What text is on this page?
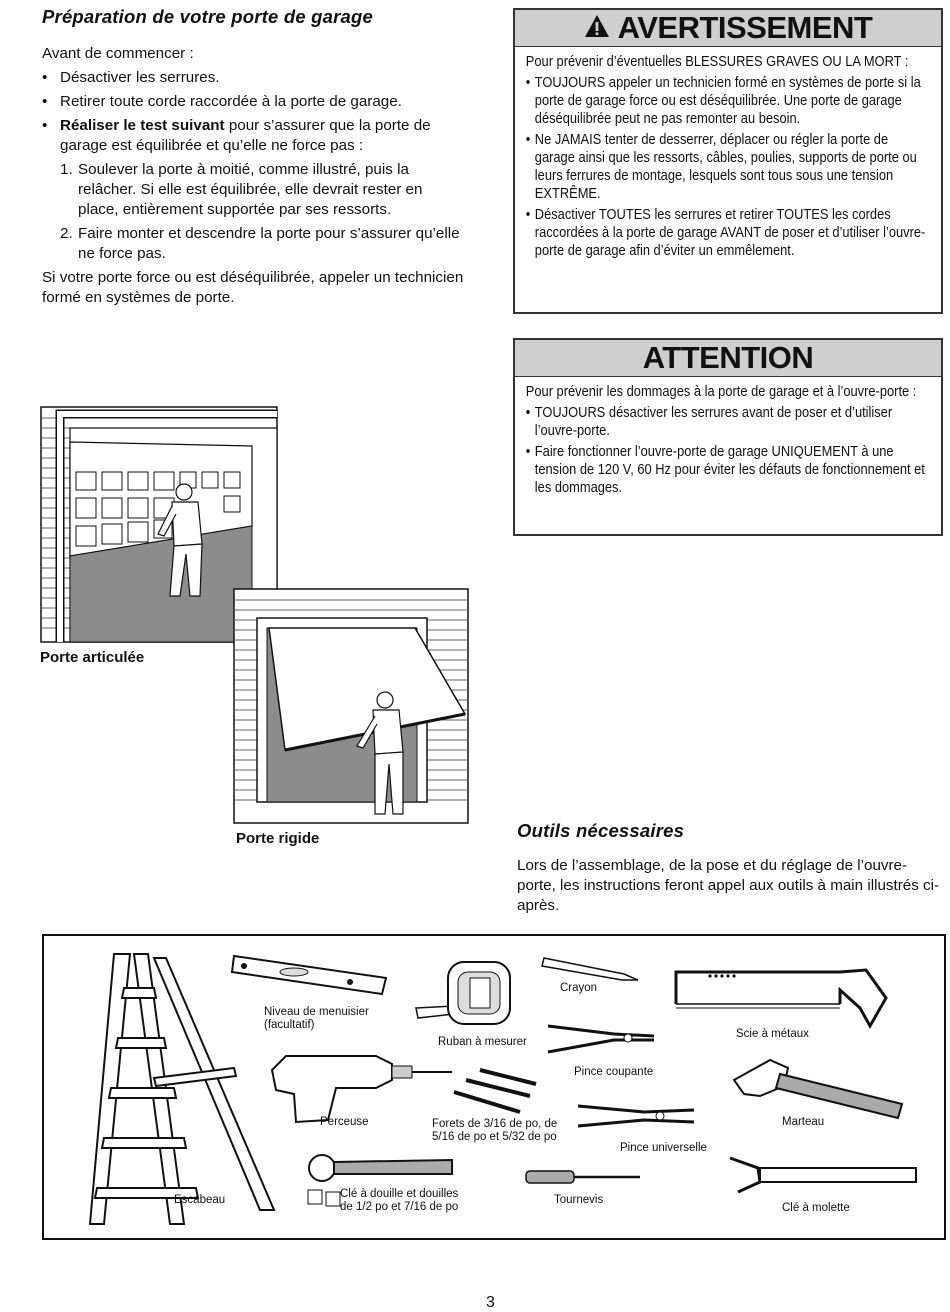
Préparation de votre porte de garage

Avant de commencer :

• Désactiver les serrures.
• Retirer toute corde raccordée à la porte de garage.
• Réaliser le test suivant pour s’assurer que la porte de garage est équilibrée et qu’elle ne force pas :
1. Soulever la porte à moitié, comme illustré, puis la relâcher. Si elle est équilibrée, elle devrait rester en place, entièrement supportée par ses ressorts.
2. Faire monter et descendre la porte pour s’assurer qu’elle ne force pas.

Si votre porte force ou est déséquilibrée, appeler un technicien formé en systèmes de porte.

AVERTISSEMENT

Pour prévenir d’éventuelles BLESSURES GRAVES OU LA MORT :

• TOUJOURS appeler un technicien formé en systèmes de porte si la porte de garage force ou est déséquilibrée. Une porte de garage déséquilibrée peut ne pas remonter au besoin.
• Ne JAMAIS tenter de desserrer, déplacer ou régler la porte de garage ainsi que les ressorts, câbles, poulies, supports de porte ou leurs ferrures de montage, lesquels sont tous sous une tension EXTRÊME.
• Désactiver TOUTES les serrures et retirer TOUTES les cordes raccordées à la porte de garage AVANT de poser et d’utiliser l’ouvre-porte de garage afin d’éviter un emmêlement.
ATTENTION

Pour prévenir les dommages à la porte de garage et à l’ouvre-porte :

• TOUJOURS désactiver les serrures avant de poser et d’utiliser l’ouvre-porte.
• Faire fonctionner l’ouvre-porte de garage UNIQUEMENT à une tension de 120 V, 60 Hz pour éviter les défauts de fonctionnement et les dommages.
Porte articulée
Porte rigide	Outils nécessaires
Lors de l’assemblage, de la pose et du réglage de l’ouvre-porte, les instructions feront appel aux outils à main illustrés ci-après.
Niveau de menuisier (facultatif)
Ruban à mesurer
Crayon
Scie à métaux
Pince coupante
Perceuse	Forets de 3/16 de po, de 5/16 de po et 5/32 de po
Pince universelle
Marteau
Clé à douille et douilles de 1/2 po et 7/16 de po
Tournevis
Escabeau
Clé à molette
3
